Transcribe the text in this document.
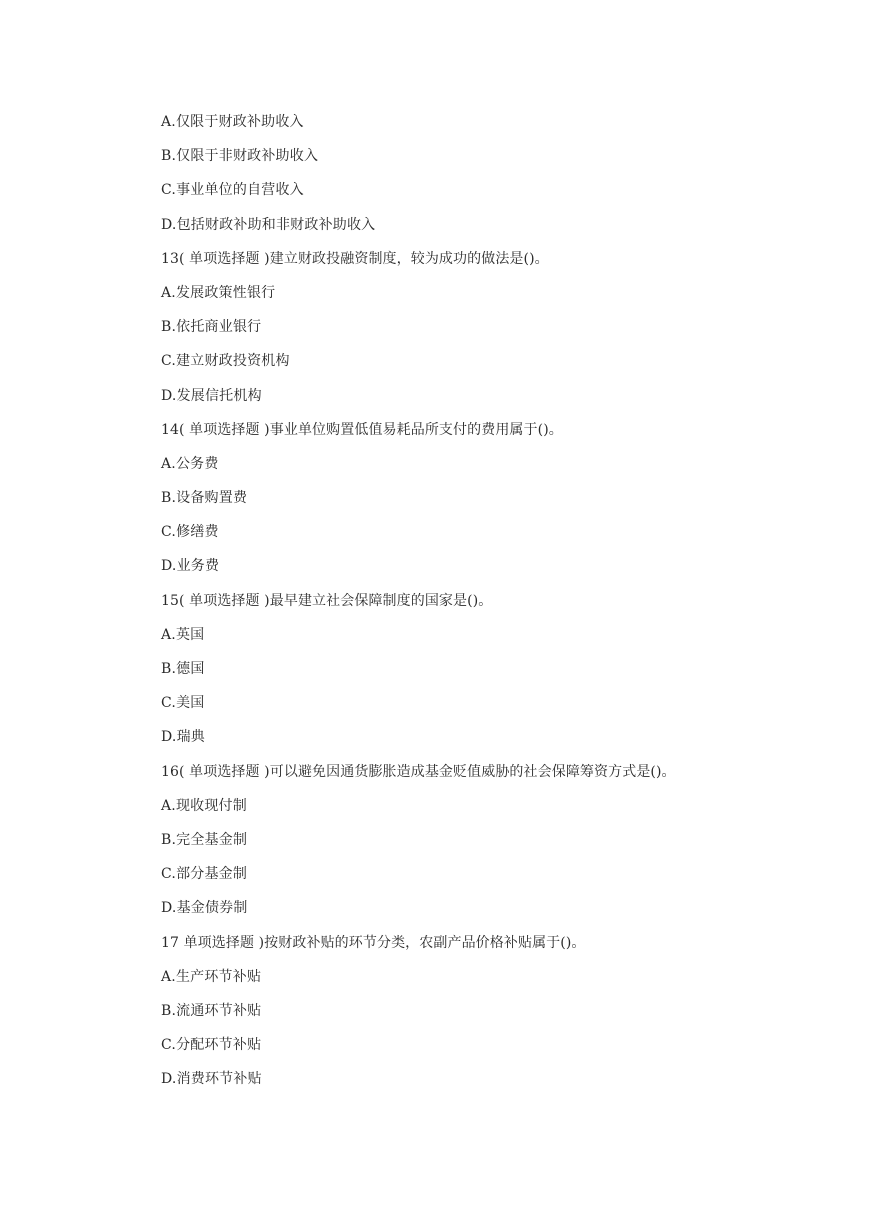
A.仅限于财政补助收入
B.仅限于非财政补助收入
C.事业单位的自营收入
D.包括财政补助和非财政补助收入
13( 单项选择题 )建立财政投融资制度，较为成功的做法是()。
A.发展政策性银行
B.依托商业银行
C.建立财政投资机构
D.发展信托机构
14( 单项选择题 )事业单位购置低值易耗品所支付的费用属于()。
A.公务费
B.设备购置费
C.修缮费
D.业务费
15( 单项选择题 )最早建立社会保障制度的国家是()。
A.英国
B.德国
C.美国
D.瑞典
16( 单项选择题 )可以避免因通货膨胀造成基金贬值威胁的社会保障筹资方式是()。
A.现收现付制
B.完全基金制
C.部分基金制
D.基金债券制
17 单项选择题 )按财政补贴的环节分类，农副产品价格补贴属于()。
A.生产环节补贴
B.流通环节补贴
C.分配环节补贴
D.消费环节补贴
